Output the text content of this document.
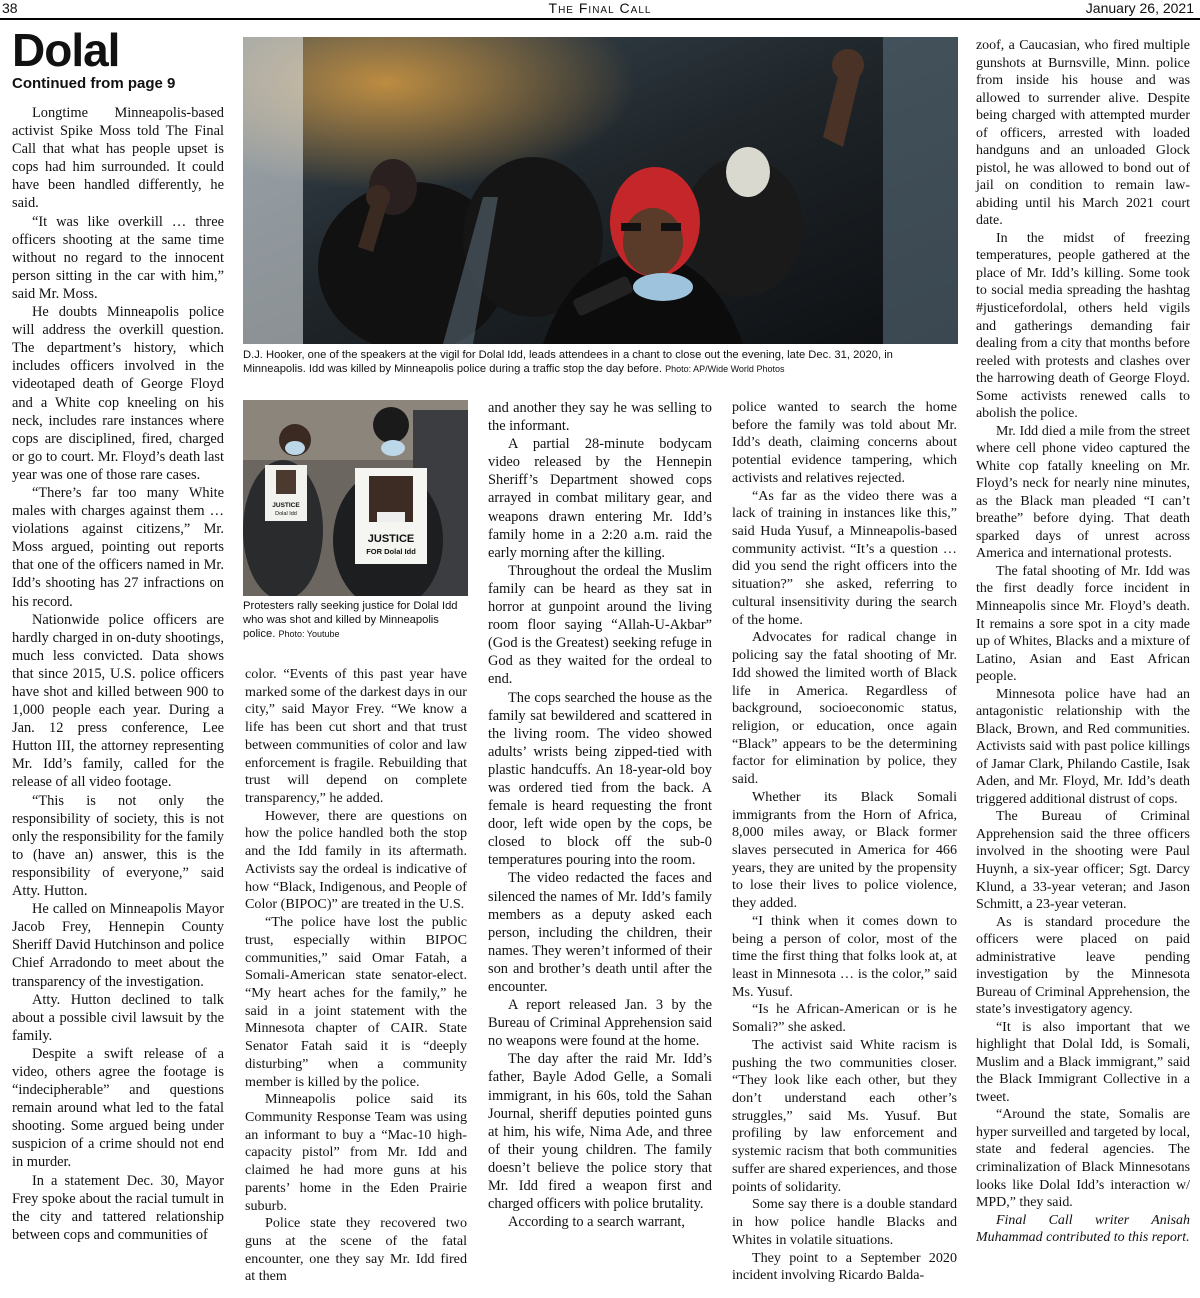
38	The Final Call	January 26, 2021
Dolal
Continued from page 9

Longtime Minneapolis-based activist Spike Moss told The Final Call that what has people upset is cops had him surrounded. It could have been handled differently, he said.

“It was like overkill … three officers shooting at the same time without no regard to the innocent person sitting in the car with him,” said Mr. Moss.

He doubts Minneapolis police will address the overkill question. The department’s history, which includes officers involved in the videotaped death of George Floyd and a White cop kneeling on his neck, includes rare instances where cops are disciplined, fired, charged or go to court. Mr. Floyd’s death last year was one of those rare cases.

“There’s far too many White males with charges against them … violations against citizens,” Mr. Moss argued, pointing out reports that one of the officers named in Mr. Idd’s shooting has 27 infractions on his record.

Nationwide police officers are hardly charged in on-duty shootings, much less convicted. Data shows that since 2015, U.S. police officers have shot and killed between 900 to 1,000 people each year. During a Jan. 12 press conference, Lee Hutton III, the attorney representing Mr. Idd’s family, called for the release of all video footage.

“This is not only the responsibility of society, this is not only the responsibility for the family to (have an) answer, this is the responsibility of everyone,” said Atty. Hutton.

He called on Minneapolis Mayor Jacob Frey, Hennepin County Sheriff David Hutchinson and police Chief Arradondo to meet about the transparency of the investigation.

Atty. Hutton declined to talk about a possible civil lawsuit by the family.

Despite a swift release of a video, others agree the footage is “indecipherable” and questions remain around what led to the fatal shooting. Some argued being under suspicion of a crime should not end in murder.

In a statement Dec. 30, Mayor Frey spoke about the racial tumult in the city and tattered relationship between cops and communities of

D.J. Hooker, one of the speakers at the vigil for Dolal Idd, leads attendees in a chant to close out the evening, late Dec. 31, 2020, in Minneapolis. Idd was killed by Minneapolis police during a traffic stop the day before. Photo: AP/Wide World Photos
JUSTICE
Dolal Idd
JUSTICE
FOR Dolal Idd
Protesters rally seeking justice for Dolal Idd who was shot and killed by Minneapolis police. Photo: Youtube

color. “Events of this past year have marked some of the darkest days in our city,” said Mayor Frey. “We know a life has been cut short and that trust between communities of color and law enforcement is fragile. Rebuilding that trust will depend on complete transparency,” he added.

However, there are questions on how the police handled both the stop and the Idd family in its aftermath. Activists say the ordeal is indicative of how “Black, Indigenous, and People of Color (BIPOC)” are treated in the U.S.

“The police have lost the public trust, especially within BIPOC communities,” said Omar Fatah, a Somali-American state senator-elect. “My heart aches for the family,” he said in a joint statement with the Minnesota chapter of CAIR. State Senator Fatah said it is “deeply disturbing” when a community member is killed by the police.

Minneapolis police said its Community Response Team was using an informant to buy a “Mac-10 high-capacity pistol” from Mr. Idd and claimed he had more guns at his parents’ home in the Eden Prairie suburb.

Police state they recovered two guns at the scene of the fatal encounter, one they say Mr. Idd fired at them

and another they say he was selling to the informant.

A partial 28-minute bodycam video released by the Hennepin Sheriff’s Department showed cops arrayed in combat military gear, and weapons drawn entering Mr. Idd’s family home in a 2:20 a.m. raid the early morning after the killing.

Throughout the ordeal the Muslim family can be heard as they sat in horror at gunpoint around the living room floor saying “Allah-U-Akbar” (God is the Greatest) seeking refuge in God as they waited for the ordeal to end.

The cops searched the house as the family sat bewildered and scattered in the living room. The video showed adults’ wrists being zipped-tied with plastic handcuffs. An 18-year-old boy was ordered tied from the back. A female is heard requesting the front door, left wide open by the cops, be closed to block off the sub-0 temperatures pouring into the room.

The video redacted the faces and silenced the names of Mr. Idd’s family members as a deputy asked each person, including the children, their names. They weren’t informed of their son and brother’s death until after the encounter.

A report released Jan. 3 by the Bureau of Criminal Apprehension said no weapons were found at the home.

The day after the raid Mr. Idd’s father, Bayle Adod Gelle, a Somali immigrant, in his 60s, told the Sahan Journal, sheriff deputies pointed guns at him, his wife, Nima Ade, and three of their young children. The family doesn’t believe the police story that Mr. Idd fired a weapon first and charged officers with police brutality.

According to a search warrant,

police wanted to search the home before the family was told about Mr. Idd’s death, claiming concerns about potential evidence tampering, which activists and relatives rejected.

“As far as the video there was a lack of training in instances like this,” said Huda Yusuf, a Minneapolis-based community activist. “It’s a question … did you send the right officers into the situation?” she asked, referring to cultural insensitivity during the search of the home.

Advocates for radical change in policing say the fatal shooting of Mr. Idd showed the limited worth of Black life in America. Regardless of background, socioeconomic status, religion, or education, once again “Black” appears to be the determining factor for elimination by police, they said.

Whether its Black Somali immigrants from the Horn of Africa, 8,000 miles away, or Black former slaves persecuted in America for 466 years, they are united by the propensity to lose their lives to police violence, they added.

“I think when it comes down to being a person of color, most of the time the first thing that folks look at, at least in Minnesota … is the color,” said Ms. Yusuf.

“Is he African-American or is he Somali?” she asked.

The activist said White racism is pushing the two communities closer. “They look like each other, but they don’t understand each other’s struggles,” said Ms. Yusuf. But profiling by law enforcement and systemic racism that both communities suffer are shared experiences, and those points of solidarity.

Some say there is a double standard in how police handle Blacks and Whites in volatile situations.

They point to a September 2020 incident involving Ricardo Balda-

zoof, a Caucasian, who fired multiple gunshots at Burnsville, Minn. police from inside his house and was allowed to surrender alive. Despite being charged with attempted murder of officers, arrested with loaded handguns and an unloaded Glock pistol, he was allowed to bond out of jail on condition to remain law-abiding until his March 2021 court date.

In the midst of freezing temperatures, people gathered at the place of Mr. Idd’s killing. Some took to social media spreading the hashtag #justicefordolal, others held vigils and gatherings demanding fair dealing from a city that months before reeled with protests and clashes over the harrowing death of George Floyd. Some activists renewed calls to abolish the police.

Mr. Idd died a mile from the street where cell phone video captured the White cop fatally kneeling on Mr. Floyd’s neck for nearly nine minutes, as the Black man pleaded “I can’t breathe” before dying. That death sparked days of unrest across America and international protests.

The fatal shooting of Mr. Idd was the first deadly force incident in Minneapolis since Mr. Floyd’s death. It remains a sore spot in a city made up of Whites, Blacks and a mixture of Latino, Asian and East African people.

Minnesota police have had an antagonistic relationship with the Black, Brown, and Red communities. Activists said with past police killings of Jamar Clark, Philando Castile, Isak Aden, and Mr. Floyd, Mr. Idd’s death triggered additional distrust of cops.

The Bureau of Criminal Apprehension said the three officers involved in the shooting were Paul Huynh, a six-year officer; Sgt. Darcy Klund, a 33-year veteran; and Jason Schmitt, a 23-year veteran.

As is standard procedure the officers were placed on paid administrative leave pending investigation by the Minnesota Bureau of Criminal Apprehension, the state’s investigatory agency.

“It is also important that we highlight that Dolal Idd, is Somali, Muslim and a Black immigrant,” said the Black Immigrant Collective in a tweet.

“Around the state, Somalis are hyper surveilled and targeted by local, state and federal agencies. The criminalization of Black Minnesotans looks like Dolal Idd’s interaction w/ MPD,” they said.

Final Call writer Anisah Muhammad contributed to this report.
